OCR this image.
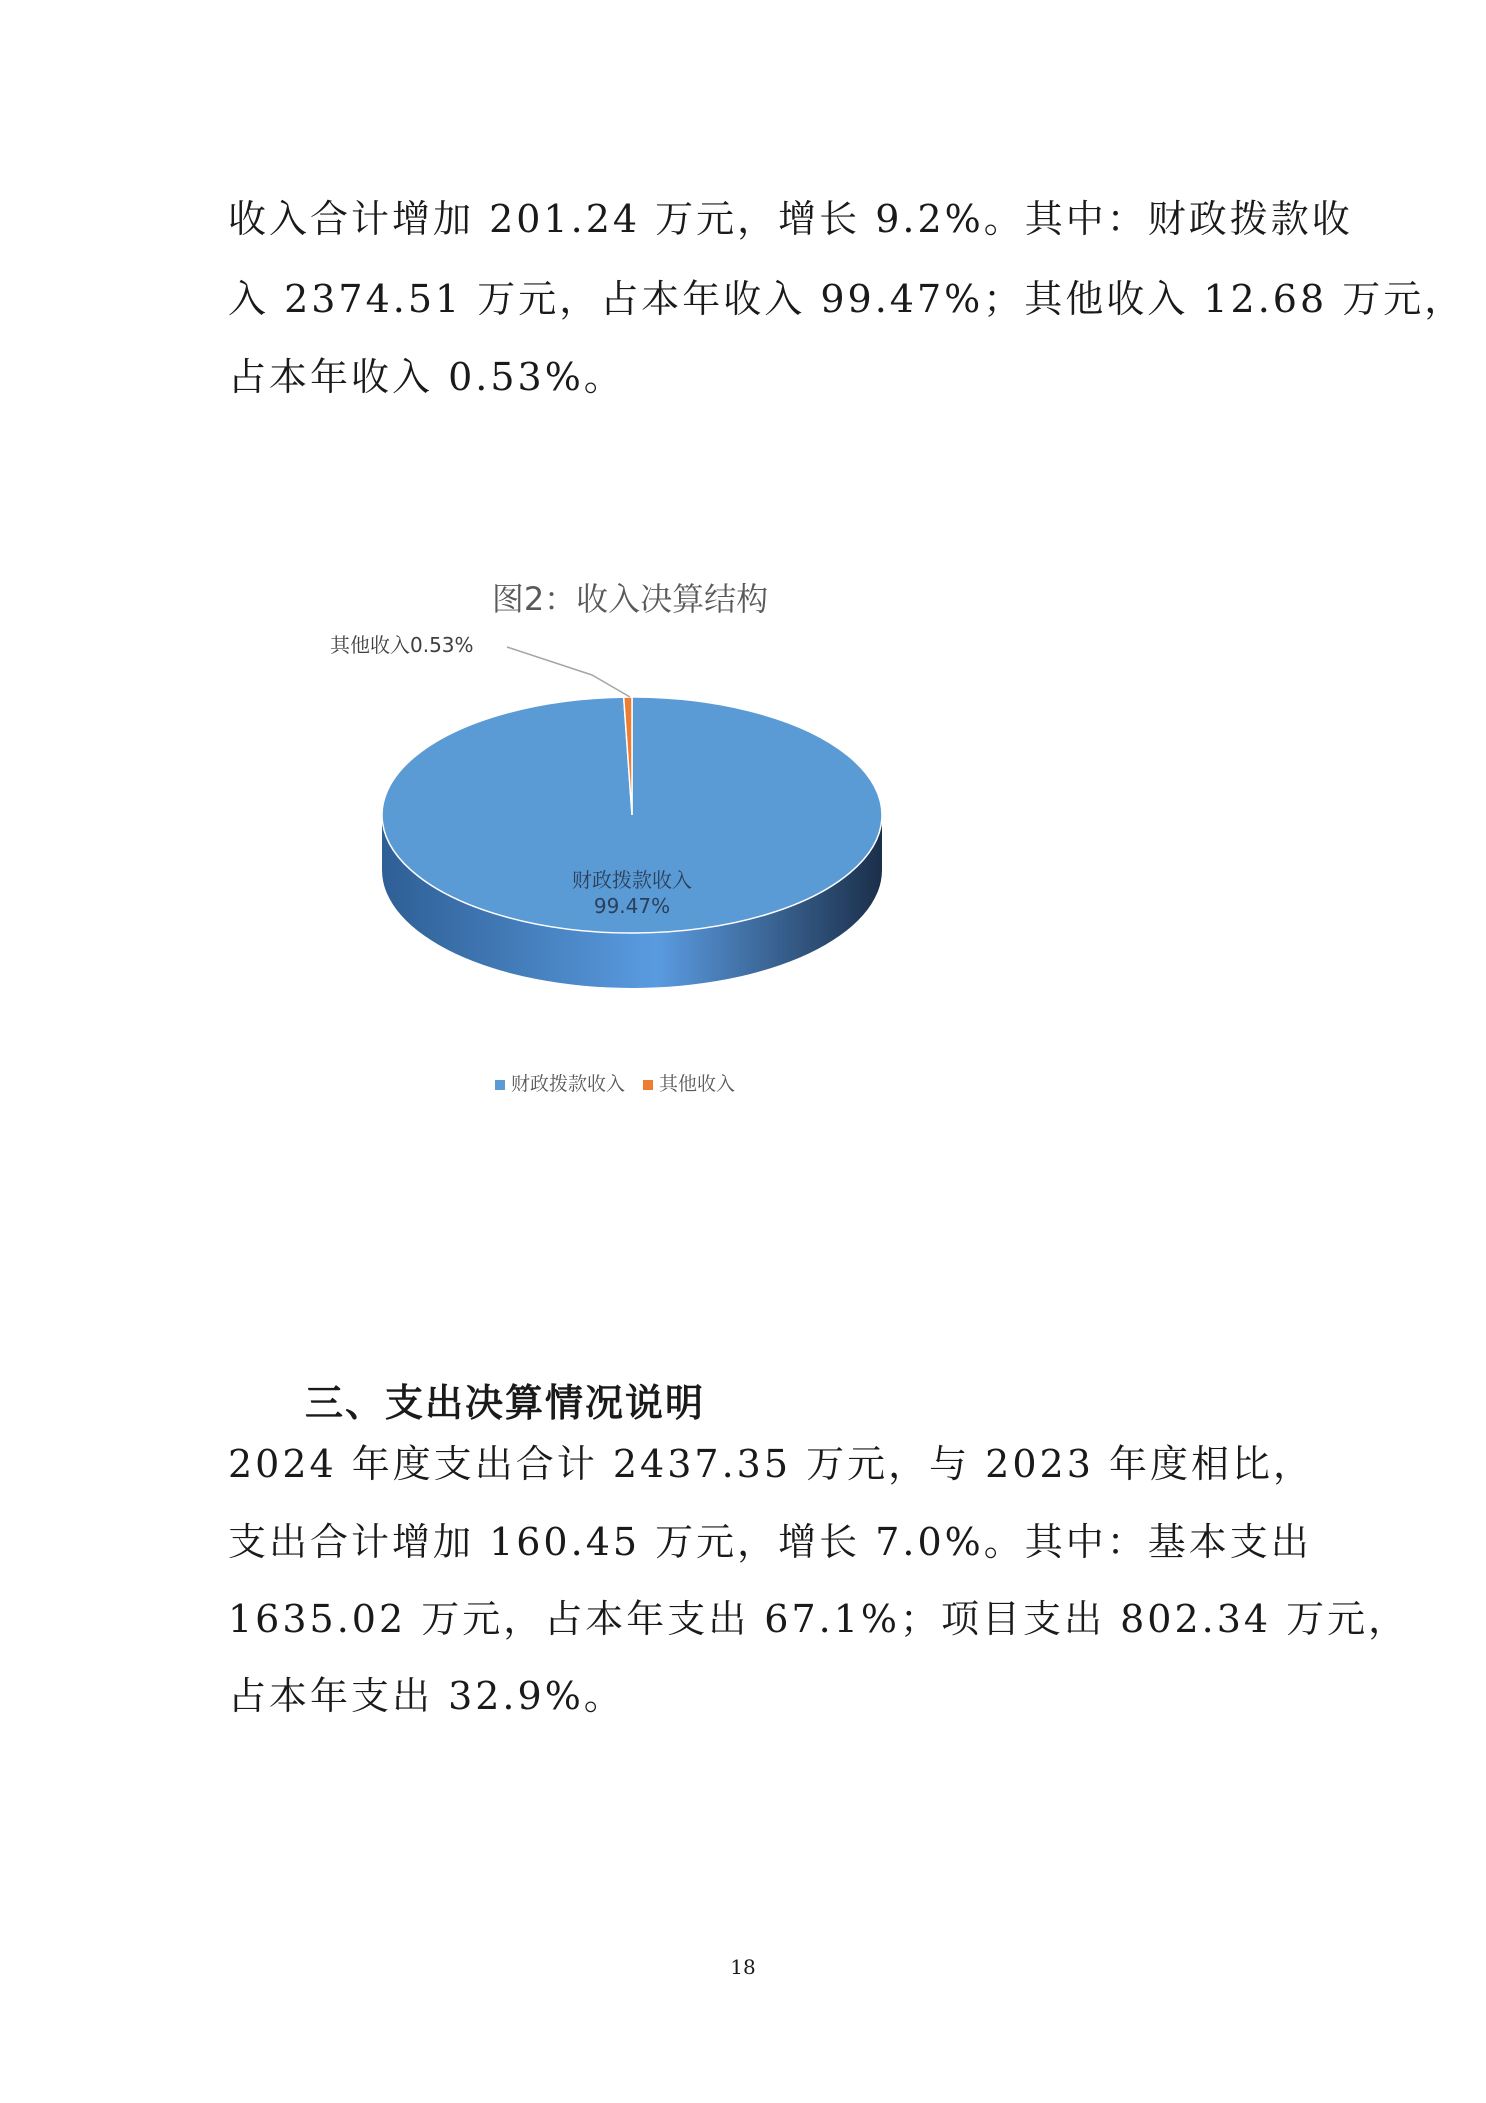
收入合计增加 201.24 万元，增长 9.2%。其中：财政拨款收
入 2374.51 万元，占本年收入 99.47%；其他收入 12.68 万元，
占本年收入 0.53%。
图2：收入决算结构
财政拨款收入
99.47%
其他收入0.53%
财政拨款收入 其他收入
三、支出决算情况说明
2024 年度支出合计 2437.35 万元，与 2023 年度相比，
支出合计增加 160.45 万元，增长 7.0%。其中：基本支出
1635.02 万元，占本年支出 67.1%；项目支出 802.34 万元，
占本年支出 32.9%。
18
